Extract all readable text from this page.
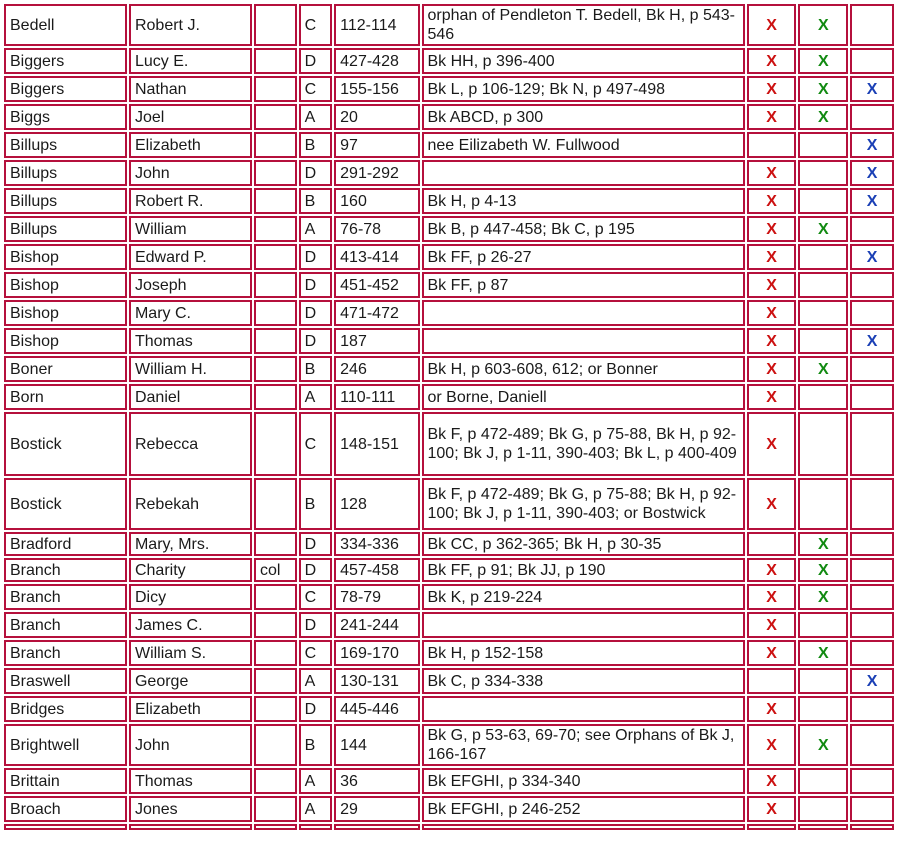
Bedell	Robert J.		C	112-114	orphan of Pendleton T. Bedell, Bk H, p 543-546	X	X	
Biggers	Lucy E.		D	427-428	Bk HH, p 396-400	X	X	
Biggers	Nathan		C	155-156	Bk L, p 106-129; Bk N, p 497-498	X	X	X
Biggs	Joel		A	20	Bk ABCD, p 300	X	X	
Billups	Elizabeth		B	97	nee Eilizabeth W. Fullwood			X
Billups	John		D	291-292		X		X
Billups	Robert R.		B	160	Bk H, p 4-13	X		X
Billups	William		A	76-78	Bk B, p 447-458; Bk C, p 195	X	X	
Bishop	Edward P.		D	413-414	Bk FF, p 26-27	X		X
Bishop	Joseph		D	451-452	Bk FF, p 87	X		
Bishop	Mary C.		D	471-472		X		
Bishop	Thomas		D	187		X		X
Boner	William H.		B	246	Bk H, p 603-608, 612; or Bonner	X	X	
Born	Daniel		A	110-111	or Borne, Daniell	X		
Bostick	Rebecca		C	148-151	Bk F, p 472-489; Bk G, p 75-88, Bk H, p 92-100; Bk J, p 1-11, 390-403; Bk L, p 400-409	X		
Bostick	Rebekah		B	128	Bk F, p 472-489; Bk G, p 75-88; Bk H, p 92-100; Bk J, p 1-11, 390-403; or Bostwick	X		
Bradford	Mary, Mrs.		D	334-336	Bk CC, p 362-365; Bk H, p 30-35		X	
Branch	Charity	col	D	457-458	Bk FF, p 91; Bk JJ, p 190	X	X	
Branch	Dicy		C	78-79	Bk K, p 219-224	X	X	
Branch	James C.		D	241-244		X		
Branch	William S.		C	169-170	Bk H, p 152-158	X	X	
Braswell	George		A	130-131	Bk C, p 334-338			X
Bridges	Elizabeth		D	445-446		X		
Brightwell	John		B	144	Bk G, p 53-63, 69-70; see Orphans of Bk J, 166-167	X	X	
Brittain	Thomas		A	36	Bk EFGHI, p 334-340	X		
Broach	Jones		A	29	Bk EFGHI, p 246-252	X		
